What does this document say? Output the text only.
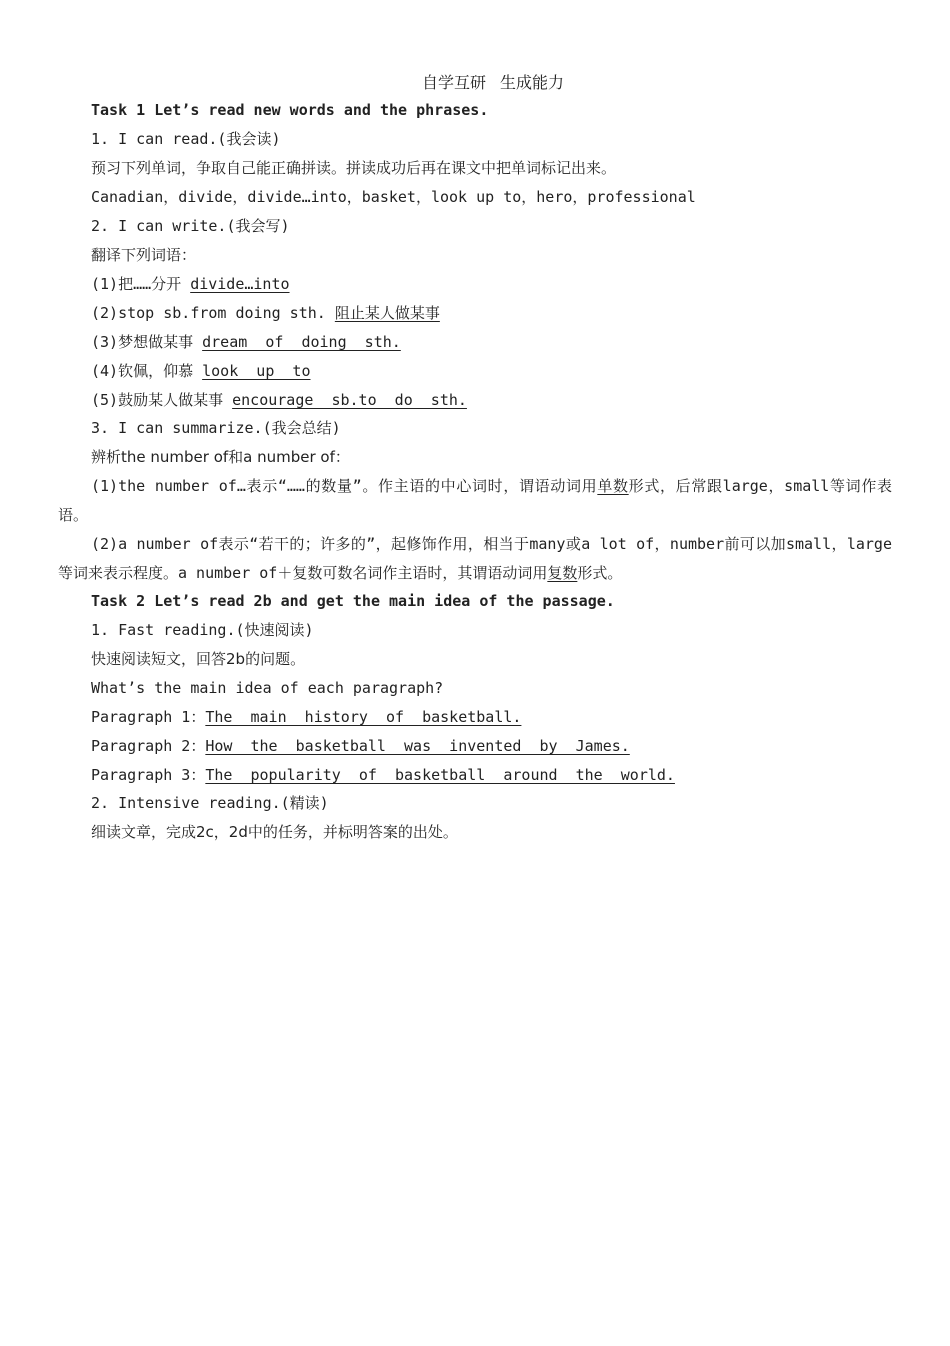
自学互研 生成能力
Task 1 Let’s read new words and the phrases.
1. I can read.(我会读)
预习下列单词，争取自己能正确拼读。拼读成功后再在课文中把单词标记出来。
Canadian，divide，divide…into，basket，look up to，hero，professional
2. I can write.(我会写)
翻译下列词语：
(1)把……分开 divide…into
(2)stop sb.from doing sth. 阻止某人做某事
(3)梦想做某事 dream  of  doing  sth.
(4)钦佩，仰慕 look  up  to
(5)鼓励某人做某事 encourage  sb.to  do  sth.
3. I can summarize.(我会总结)
辨析the number of和a number of：
(1)the number of…表示“……的数量”。作主语的中心词时，谓语动词用单数形式，后常跟large，small等词作表语。
(2)a number of表示“若干的；许多的”，起修饰作用，相当于many或a lot of，number前可以加small，large等词来表示程度。a number of＋复数可数名词作主语时，其谓语动词用复数形式。
Task 2 Let’s read 2b and get the main idea of the passage.
1. Fast reading.(快速阅读)
快速阅读短文，回答2b的问题。
What’s the main idea of each paragraph?
Paragraph 1：The  main  history  of  basketball.
Paragraph 2：How  the  basketball  was  invented  by  James.
Paragraph 3：The  popularity  of  basketball  around  the  world.
2. Intensive reading.(精读)
细读文章，完成2c，2d中的任务，并标明答案的出处。
